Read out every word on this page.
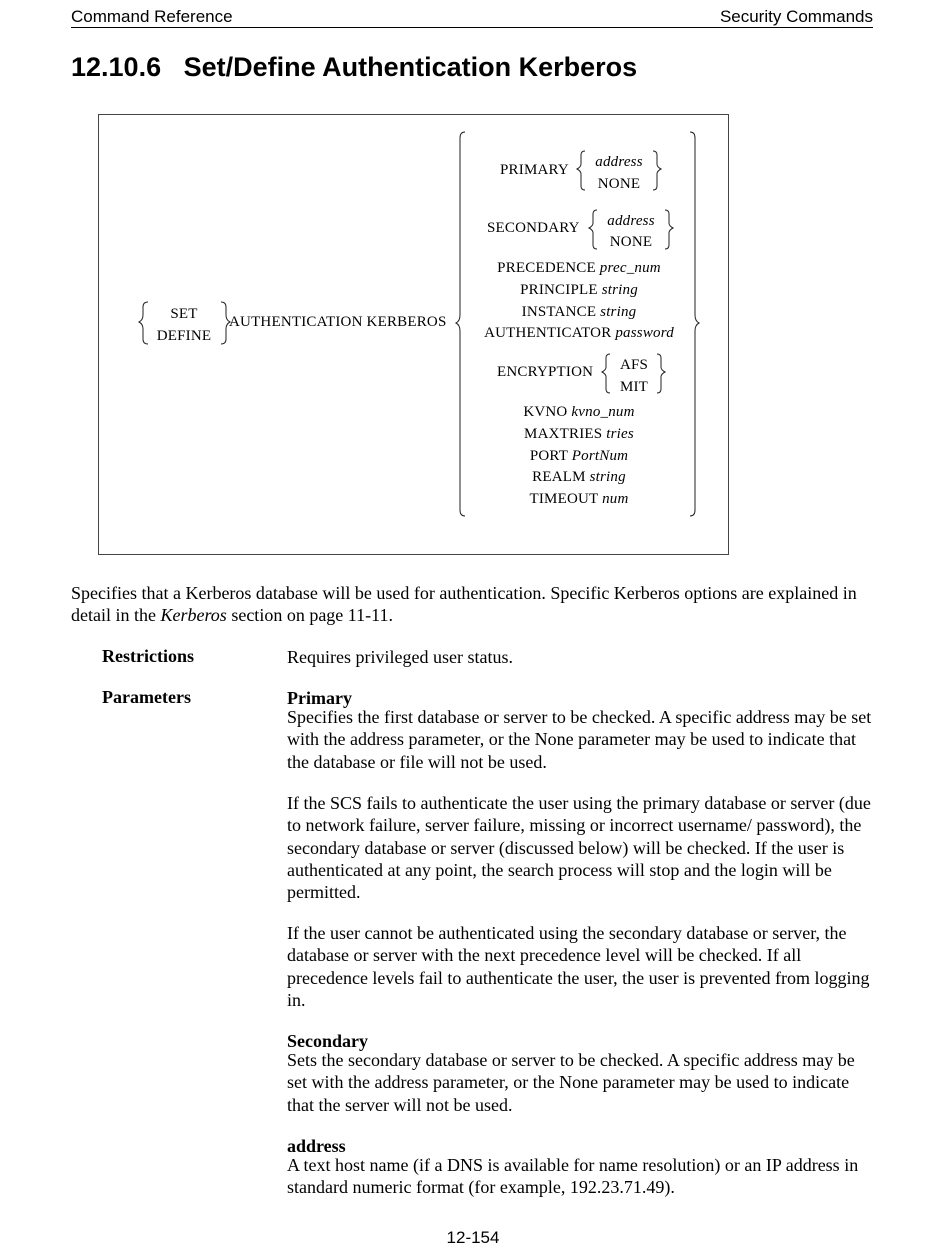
Command Reference	Security Commands
12.10.6   Set/Define Authentication Kerberos
SET
DEFINE
AUTHENTICATION KERBEROS
PRIMARY address
NONE
SECONDARY address
NONE
PRECEDENCE prec_num
PRINCIPLE string
INSTANCE string
AUTHENTICATOR password
ENCRYPTION AFS
MIT
KVNO kvno_num
MAXTRIES tries
PORT PortNum
REALM string
TIMEOUT num

Specifies that a Kerberos database will be used for authentication. Specific Kerberos options are explained in detail in the Kerberos section on page 11-11.

Restrictions	Requires privileged user status.
Parameters	Primary
Specifies the first database or server to be checked. A specific address may be set with the address parameter, or the None parameter may be used to indicate that the database or file will not be used.
If the SCS fails to authenticate the user using the primary database or server (due to network failure, server failure, missing or incorrect username/ password), the secondary database or server (discussed below) will be checked. If the user is authenticated at any point, the search process will stop and the login will be permitted.
If the user cannot be authenticated using the secondary database or server, the database or server with the next precedence level will be checked. If all precedence levels fail to authenticate the user, the user is prevented from logging in.
Secondary
Sets the secondary database or server to be checked. A specific address may be set with the address parameter, or the None parameter may be used to indicate that the server will not be used.
address
A text host name (if a DNS is available for name resolution) or an IP address in standard numeric format (for example, 192.23.71.49).
12-154
